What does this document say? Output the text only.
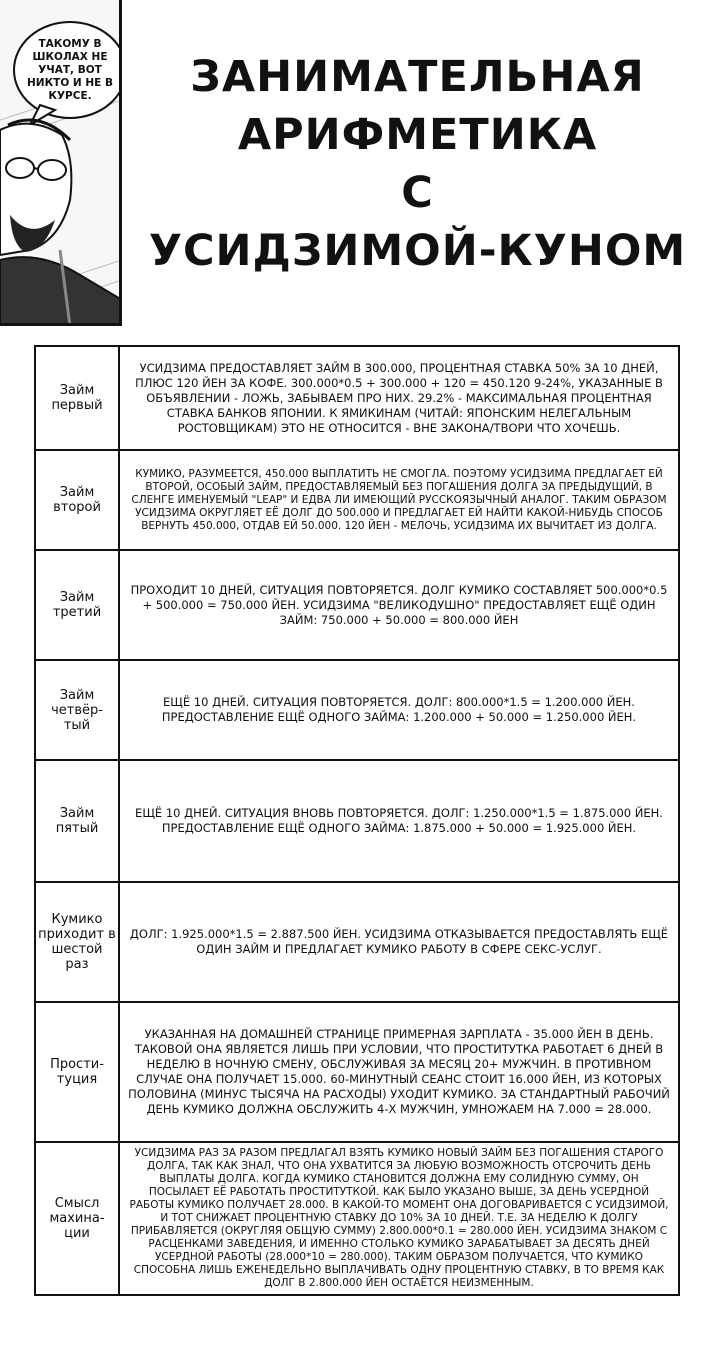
ТАКОМУ В ШКОЛАХ НЕ УЧАТ, ВОТ НИКТО И НЕ В КУРСЕ.	ЗАНИМАТЕЛЬНАЯ
АРИФМЕТИКА
С
УСИДЗИМОЙ-КУНОМ
Займ первый	УСИДЗИМА ПРЕДОСТАВЛЯЕТ ЗАЙМ В 300.000, ПРОЦЕНТНАЯ СТАВКА 50% ЗА 10 ДНЕЙ, ПЛЮС 120 ЙЕН ЗА КОФЕ. 300.000*0.5 + 300.000 + 120 = 450.120 9-24%, УКАЗАННЫЕ В ОБЪЯВЛЕНИИ - ЛОЖЬ, ЗАБЫВАЕМ ПРО НИХ. 29.2% - МАКСИМАЛЬНАЯ ПРОЦЕНТНАЯ СТАВКА БАНКОВ ЯПОНИИ. К ЯМИКИНАМ (ЧИТАЙ: ЯПОНСКИМ НЕЛЕГАЛЬНЫМ РОСТОВЩИКАМ) ЭТО НЕ ОТНОСИТСЯ - ВНЕ ЗАКОНА/ТВОРИ ЧТО ХОЧЕШЬ.
Займ второй	КУМИКО, РАЗУМЕЕТСЯ, 450.000 ВЫПЛАТИТЬ НЕ СМОГЛА. ПОЭТОМУ УСИДЗИМА ПРЕДЛАГАЕТ ЕЙ ВТОРОЙ, ОСОБЫЙ ЗАЙМ, ПРЕДОСТАВЛЯЕМЫЙ БЕЗ ПОГАШЕНИЯ ДОЛГА ЗА ПРЕДЫДУЩИЙ, В СЛЕНГЕ ИМЕНУЕМЫЙ "LEAP" И ЕДВА ЛИ ИМЕЮЩИЙ РУССКОЯЗЫЧНЫЙ АНАЛОГ. ТАКИМ ОБРАЗОМ УСИДЗИМА ОКРУГЛЯЕТ ЕЁ ДОЛГ ДО 500.000 И ПРЕДЛАГАЕТ ЕЙ НАЙТИ КАКОЙ-НИБУДЬ СПОСОБ ВЕРНУТЬ 450.000, ОТДАВ ЕЙ 50.000. 120 ЙЕН - МЕЛОЧЬ, УСИДЗИМА ИХ ВЫЧИТАЕТ ИЗ ДОЛГА.
Займ третий	ПРОХОДИТ 10 ДНЕЙ, СИТУАЦИЯ ПОВТОРЯЕТСЯ. ДОЛГ КУМИКО СОСТАВЛЯЕТ 500.000*0.5 + 500.000 = 750.000 ЙЕН. УСИДЗИМА "ВЕЛИКОДУШНО" ПРЕДОСТАВЛЯЕТ ЕЩЁ ОДИН ЗАЙМ: 750.000 + 50.000 = 800.000 ЙЕН
Займ четвёр-тый	ЕЩЁ 10 ДНЕЙ. СИТУАЦИЯ ПОВТОРЯЕТСЯ. ДОЛГ: 800.000*1.5 = 1.200.000 ЙЕН. ПРЕДОСТАВЛЕНИЕ ЕЩЁ ОДНОГО ЗАЙМА: 1.200.000 + 50.000 = 1.250.000 ЙЕН.
Займ пятый	ЕЩЁ 10 ДНЕЙ. СИТУАЦИЯ ВНОВЬ ПОВТОРЯЕТСЯ. ДОЛГ: 1.250.000*1.5 = 1.875.000 ЙЕН. ПРЕДОСТАВЛЕНИЕ ЕЩЁ ОДНОГО ЗАЙМА: 1.875.000 + 50.000 = 1.925.000 ЙЕН.
Кумико приходит в шестой раз	ДОЛГ: 1.925.000*1.5 = 2.887.500 ЙЕН. УСИДЗИМА ОТКАЗЫВАЕТСЯ ПРЕДОСТАВЛЯТЬ ЕЩЁ ОДИН ЗАЙМ И ПРЕДЛАГАЕТ КУМИКО РАБОТУ В СФЕРЕ СЕКС-УСЛУГ.
Прости-туция	УКАЗАННАЯ НА ДОМАШНЕЙ СТРАНИЦЕ ПРИМЕРНАЯ ЗАРПЛАТА - 35.000 ЙЕН В ДЕНЬ. ТАКОВОЙ ОНА ЯВЛЯЕТСЯ ЛИШЬ ПРИ УСЛОВИИ, ЧТО ПРОСТИТУТКА РАБОТАЕТ 6 ДНЕЙ В НЕДЕЛЮ В НОЧНУЮ СМЕНУ, ОБСЛУЖИВАЯ ЗА МЕСЯЦ 20+ МУЖЧИН. В ПРОТИВНОМ СЛУЧАЕ ОНА ПОЛУЧАЕТ 15.000. 60-МИНУТНЫЙ СЕАНС СТОИТ 16.000 ЙЕН, ИЗ КОТОРЫХ ПОЛОВИНА (МИНУС ТЫСЯЧА НА РАСХОДЫ) УХОДИТ КУМИКО. ЗА СТАНДАРТНЫЙ РАБОЧИЙ ДЕНЬ КУМИКО ДОЛЖНА ОБСЛУЖИТЬ 4-Х МУЖЧИН, УМНОЖАЕМ НА 7.000 = 28.000.
Смысл махина-ции	УСИДЗИМА РАЗ ЗА РАЗОМ ПРЕДЛАГАЛ ВЗЯТЬ КУМИКО НОВЫЙ ЗАЙМ БЕЗ ПОГАШЕНИЯ СТАРОГО ДОЛГА, ТАК КАК ЗНАЛ, ЧТО ОНА УХВАТИТСЯ ЗА ЛЮБУЮ ВОЗМОЖНОСТЬ ОТСРОЧИТЬ ДЕНЬ ВЫПЛАТЫ ДОЛГА. КОГДА КУМИКО СТАНОВИТСЯ ДОЛЖНА ЕМУ СОЛИДНУЮ СУММУ, ОН ПОСЫЛАЕТ ЕЁ РАБОТАТЬ ПРОСТИТУТКОЙ. КАК БЫЛО УКАЗАНО ВЫШЕ, ЗА ДЕНЬ УСЕРДНОЙ РАБОТЫ КУМИКО ПОЛУЧАЕТ 28.000. В КАКОЙ-ТО МОМЕНТ ОНА ДОГОВАРИВАЕТСЯ С УСИДЗИМОЙ, И ТОТ СНИЖАЕТ ПРОЦЕНТНУЮ СТАВКУ ДО 10% ЗА 10 ДНЕЙ. Т.Е. ЗА НЕДЕЛЮ К ДОЛГУ ПРИБАВЛЯЕТСЯ (ОКРУГЛЯЯ ОБЩУЮ СУММУ) 2.800.000*0.1 = 280.000 ЙЕН. УСИДЗИМА ЗНАКОМ С РАСЦЕНКАМИ ЗАВЕДЕНИЯ, И ИМЕННО СТОЛЬКО КУМИКО ЗАРАБАТЫВАЕТ ЗА ДЕСЯТЬ ДНЕЙ УСЕРДНОЙ РАБОТЫ (28.000*10 = 280.000). ТАКИМ ОБРАЗОМ ПОЛУЧАЕТСЯ, ЧТО КУМИКО СПОСОБНА ЛИШЬ ЕЖЕНЕДЕЛЬНО ВЫПЛАЧИВАТЬ ОДНУ ПРОЦЕНТНУЮ СТАВКУ, В ТО ВРЕМЯ КАК ДОЛГ В 2.800.000 ЙЕН ОСТАЁТСЯ НЕИЗМЕННЫМ.
